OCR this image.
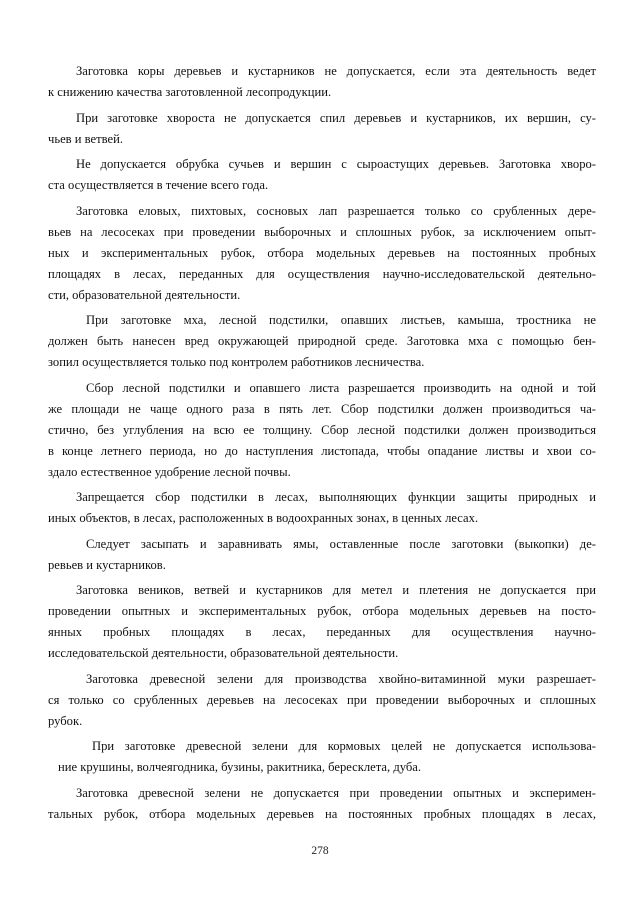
Заготовка коры деревьев и кустарников не допускается, если эта деятельность ведет
к снижению качества заготовленной лесопродукции.
При заготовке хвороста не допускается спил деревьев и кустарников, их вершин, су-
чьев и ветвей.
Не допускается обрубка сучьев и вершин с сыроастущих деревьев. Заготовка хворо-
ста осуществляется в течение всего года.
Заготовка еловых, пихтовых, сосновых лап разрешается только со срубленных дере-
вьев на лесосеках при проведении выборочных и сплошных рубок, за исключением опыт-
ных и экспериментальных рубок, отбора модельных деревьев на постоянных пробных
площадях в лесах, переданных для осуществления научно-исследовательской деятельно-
сти, образовательной деятельности.
При заготовке мха, лесной подстилки, опавших листьев, камыша, тростника не
должен быть нанесен вред окружающей природной среде. Заготовка мха с помощью бен-
зопил осуществляется только под контролем работников лесничества.
Сбор лесной подстилки и опавшего листа разрешается производить на одной и той
же площади не чаще одного раза в пять лет. Сбор подстилки должен производиться ча-
стично, без углубления на всю ее толщину. Сбор лесной подстилки должен производиться
в конце летнего периода, но до наступления листопада, чтобы опадание листвы и хвои со-
здало естественное удобрение лесной почвы.
Запрещается сбор подстилки в лесах, выполняющих функции защиты природных и
иных объектов, в лесах, расположенных в водоохранных зонах, в ценных лесах.
Следует засыпать и заравнивать ямы, оставленные после заготовки (выкопки) де-
ревьев и кустарников.
Заготовка веников, ветвей и кустарников для метел и плетения не допускается при
проведении опытных и экспериментальных рубок, отбора модельных деревьев на посто-
янных пробных площадях в лесах, переданных для осуществления научно-
исследовательской деятельности, образовательной деятельности.
Заготовка древесной зелени для производства хвойно-витаминной муки разрешает-
ся только со срубленных деревьев на лесосеках при проведении выборочных и сплошных
рубок.
При заготовке древесной зелени для кормовых целей не допускается использова-
ние крушины, волчеягодника, бузины, ракитника, бересклета, дуба.
Заготовка древесной зелени не допускается при проведении опытных и эксперимен-
тальных рубок, отбора модельных деревьев на постоянных пробных площадях в лесах,
278
